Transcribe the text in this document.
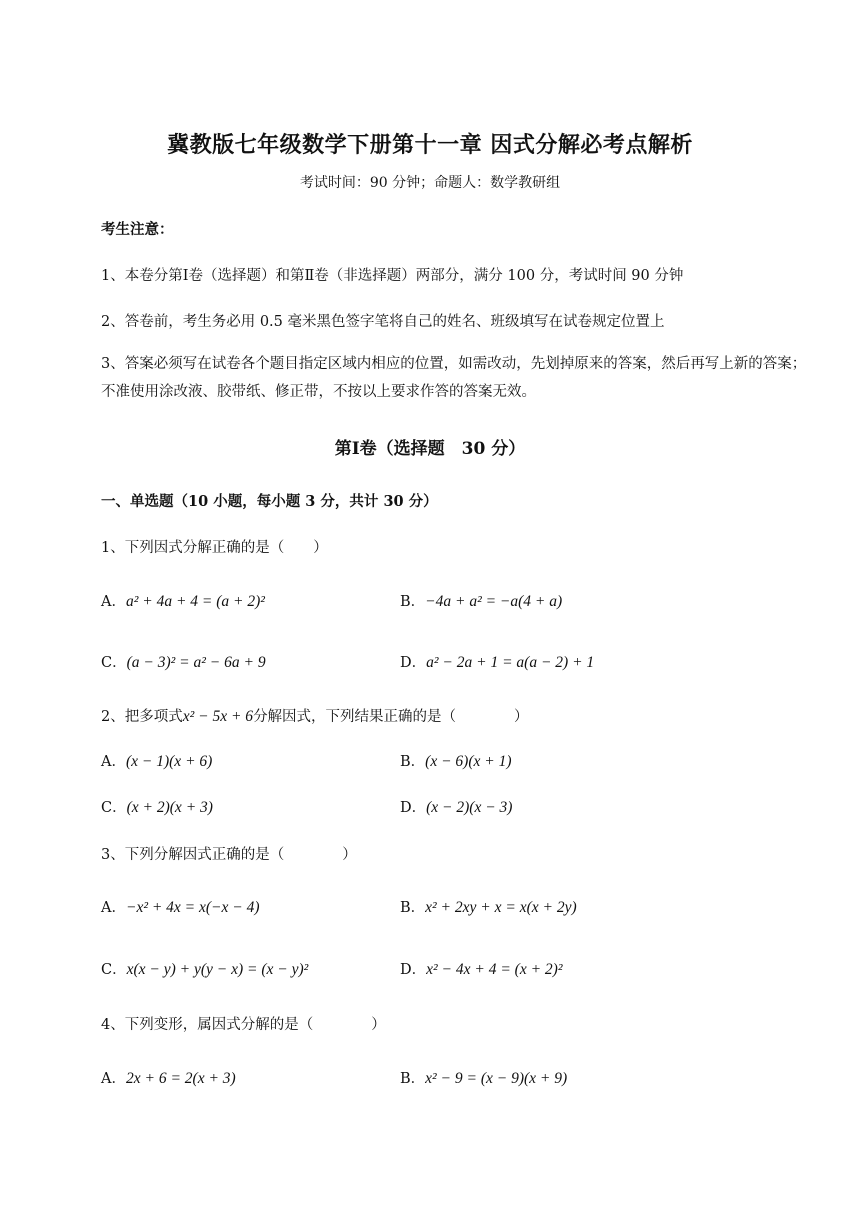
冀教版七年级数学下册第十一章 因式分解必考点解析
考试时间：90 分钟；命题人：数学教研组
考生注意：
1、本卷分第Ⅰ卷（选择题）和第Ⅱ卷（非选择题）两部分，满分 100 分，考试时间 90 分钟
2、答卷前，考生务必用 0.5 毫米黑色签字笔将自己的姓名、班级填写在试卷规定位置上
3、答案必须写在试卷各个题目指定区域内相应的位置，如需改动，先划掉原来的答案，然后再写上新的答案；不准使用涂改液、胶带纸、修正带，不按以上要求作答的答案无效。
第Ⅰ卷（选择题　30 分）
一、单选题（10 小题，每小题 3 分，共计 30 分）
1、下列因式分解正确的是（　　）
A．a² + 4a + 4 = (a + 2)²	B．−4a + a² = −a(4 + a)
C．(a − 3)² = a² − 6a + 9	D．a² − 2a + 1 = a(a − 2) + 1
2、把多项式x² − 5x + 6分解因式，下列结果正确的是（　　　　）
A．(x − 1)(x + 6)	B．(x − 6)(x + 1)
C．(x + 2)(x + 3)	D．(x − 2)(x − 3)
3、下列分解因式正确的是（　　　　）
A．−x² + 4x = x(−x − 4)	B．x² + 2xy + x = x(x + 2y)
C．x(x − y) + y(y − x) = (x − y)²	D．x² − 4x + 4 = (x + 2)²
4、下列变形，属因式分解的是（　　　　）
A．2x + 6 = 2(x + 3)	B．x² − 9 = (x − 9)(x + 9)
